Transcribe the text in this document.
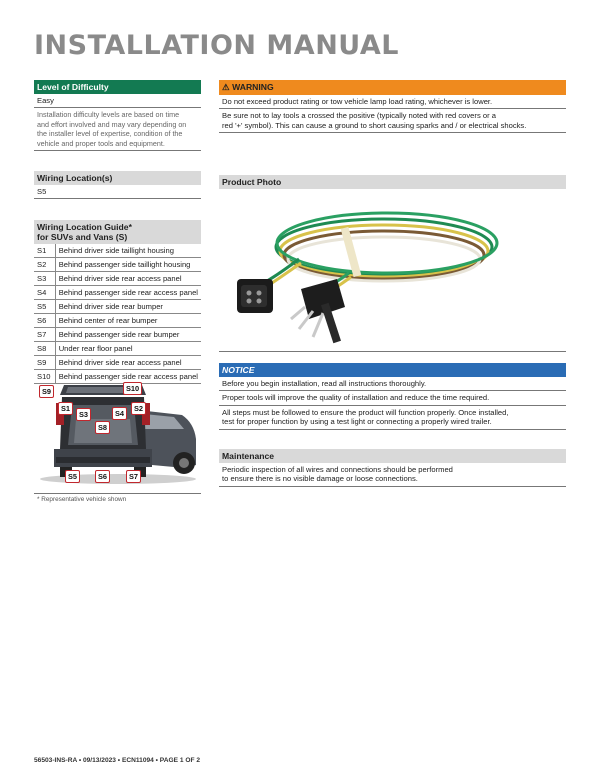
INSTALLATION MANUAL
Level of Difficulty
Easy
Installation difficulty levels are based on time
and effort involved and may vary depending on
the installer level of expertise, condition of the
vehicle and proper tools and equipment.
Wiring Location(s)
S5
Wiring Location Guide*
for SUVs and Vans (S)
S1	Behind driver side taillight housing
S2	Behind passenger side taillight housing
S3	Behind driver side rear access panel
S4	Behind passenger side rear access panel
S5	Behind driver side rear bumper
S6	Behind center of rear bumper
S7	Behind passenger side rear bumper
S8	Under rear floor panel
S9	Behind driver side rear access panel
S10	Behind passenger side rear access panel
S9	S10
S1	S2
S3	S4
S8
S5	S6	S7
* Representative vehicle shown
⚠ WARNING
Do not exceed product rating or tow vehicle lamp load rating, whichever is lower.
Be sure not to lay tools a crossed the positive (typically noted with red covers or a
red '+' symbol). This can cause a ground to short causing sparks and / or electrical shocks.
Product Photo
NOTICE
Before you begin installation, read all instructions thoroughly.
Proper tools will improve the quality of installation and reduce the time required.
All steps must be followed to ensure the product will function properly. Once installed,
test for proper function by using a test light or connecting a properly wired trailer.
Maintenance
Periodic inspection of all wires and connections should be performed
to ensure there is no visible damage or loose connections.
56503-INS-RA • 09/13/2023 • ECN11094 • PAGE 1 OF 2
